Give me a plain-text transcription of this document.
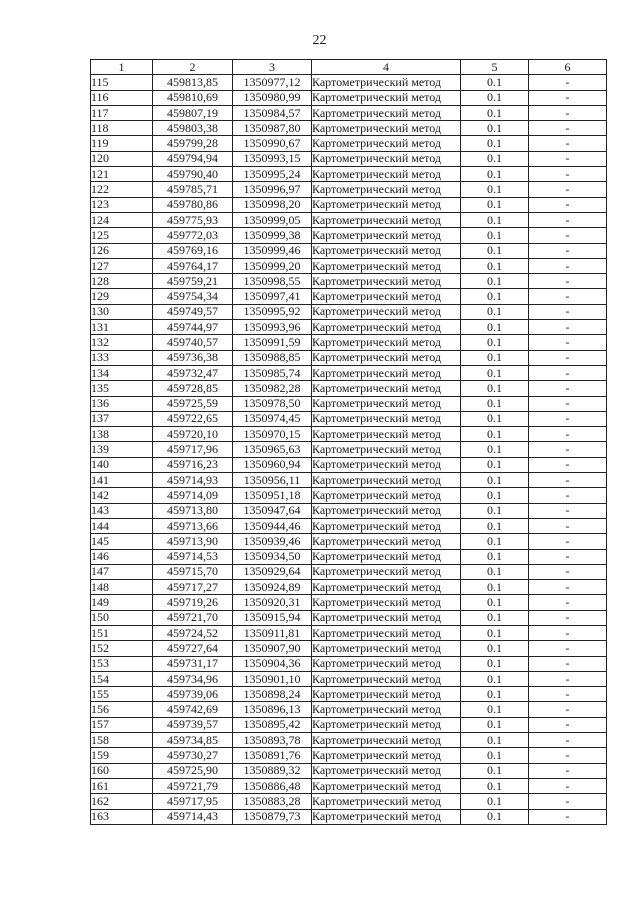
22
1	2	3	4	5	6
115	459813,85	1350977,12	Картометрический метод	0.1	-
116	459810,69	1350980,99	Картометрический метод	0.1	-
117	459807,19	1350984,57	Картометрический метод	0.1	-
118	459803,38	1350987,80	Картометрический метод	0.1	-
119	459799,28	1350990,67	Картометрический метод	0.1	-
120	459794,94	1350993,15	Картометрический метод	0.1	-
121	459790,40	1350995,24	Картометрический метод	0.1	-
122	459785,71	1350996,97	Картометрический метод	0.1	-
123	459780,86	1350998,20	Картометрический метод	0.1	-
124	459775,93	1350999,05	Картометрический метод	0.1	-
125	459772,03	1350999,38	Картометрический метод	0.1	-
126	459769,16	1350999,46	Картометрический метод	0.1	-
127	459764,17	1350999,20	Картометрический метод	0.1	-
128	459759,21	1350998,55	Картометрический метод	0.1	-
129	459754,34	1350997,41	Картометрический метод	0.1	-
130	459749,57	1350995,92	Картометрический метод	0.1	-
131	459744,97	1350993,96	Картометрический метод	0.1	-
132	459740,57	1350991,59	Картометрический метод	0.1	-
133	459736,38	1350988,85	Картометрический метод	0.1	-
134	459732,47	1350985,74	Картометрический метод	0.1	-
135	459728,85	1350982,28	Картометрический метод	0.1	-
136	459725,59	1350978,50	Картометрический метод	0.1	-
137	459722,65	1350974,45	Картометрический метод	0.1	-
138	459720,10	1350970,15	Картометрический метод	0.1	-
139	459717,96	1350965,63	Картометрический метод	0.1	-
140	459716,23	1350960,94	Картометрический метод	0.1	-
141	459714,93	1350956,11	Картометрический метод	0.1	-
142	459714,09	1350951,18	Картометрический метод	0.1	-
143	459713,80	1350947,64	Картометрический метод	0.1	-
144	459713,66	1350944,46	Картометрический метод	0.1	-
145	459713,90	1350939,46	Картометрический метод	0.1	-
146	459714,53	1350934,50	Картометрический метод	0.1	-
147	459715,70	1350929,64	Картометрический метод	0.1	-
148	459717,27	1350924,89	Картометрический метод	0.1	-
149	459719,26	1350920,31	Картометрический метод	0.1	-
150	459721,70	1350915,94	Картометрический метод	0.1	-
151	459724,52	1350911,81	Картометрический метод	0.1	-
152	459727,64	1350907,90	Картометрический метод	0.1	-
153	459731,17	1350904,36	Картометрический метод	0.1	-
154	459734,96	1350901,10	Картометрический метод	0.1	-
155	459739,06	1350898,24	Картометрический метод	0.1	-
156	459742,69	1350896,13	Картометрический метод	0.1	-
157	459739,57	1350895,42	Картометрический метод	0.1	-
158	459734,85	1350893,78	Картометрический метод	0.1	-
159	459730,27	1350891,76	Картометрический метод	0.1	-
160	459725,90	1350889,32	Картометрический метод	0.1	-
161	459721,79	1350886,48	Картометрический метод	0.1	-
162	459717,95	1350883,28	Картометрический метод	0.1	-
163	459714,43	1350879,73	Картометрический метод	0.1	-
